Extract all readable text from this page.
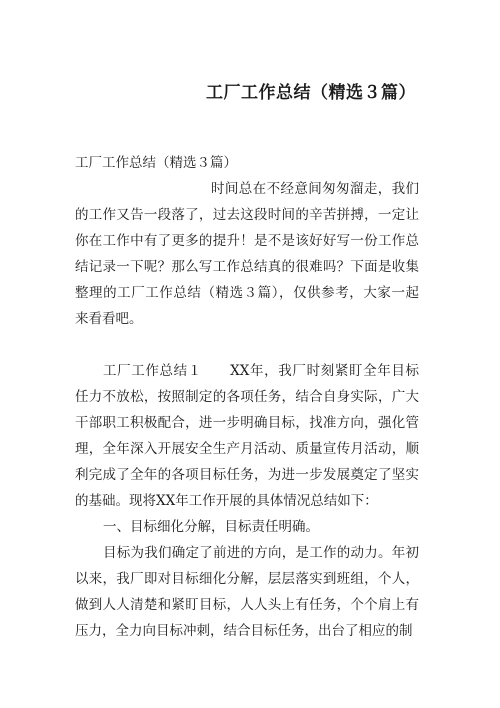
工厂工作总结（精选３篇）

工厂工作总结（精选３篇）

时间总在不经意间匆匆溜走，我们的工作又告一段落了，过去这段时间的辛苦拼搏，一定让你在工作中有了更多的提升！是不是该好好写一份工作总结记录一下呢？那么写工作总结真的很难吗？下面是收集整理的工厂工作总结（精选３篇），仅供参考，大家一起来看看吧。

工厂工作总结１　　XX年，我厂时刻紧盯全年目标任力不放松，按照制定的各项任务，结合自身实际，广大干部职工积极配合，进一步明确目标，找准方向，强化管理，全年深入开展安全生产月活动、质量宣传月活动，顺利完成了全年的各项目标任务，为进一步发展奠定了坚实的基础。现将XX年工作开展的具体情况总结如下：

一、目标细化分解，目标责任明确。

目标为我们确定了前进的方向，是工作的动力。年初以来，我厂即对目标细化分解，层层落实到班组，个人，做到人人清楚和紧盯目标，人人头上有任务，个个肩上有压力，全力向目标冲刺，结合目标任务，出台了相应的制
